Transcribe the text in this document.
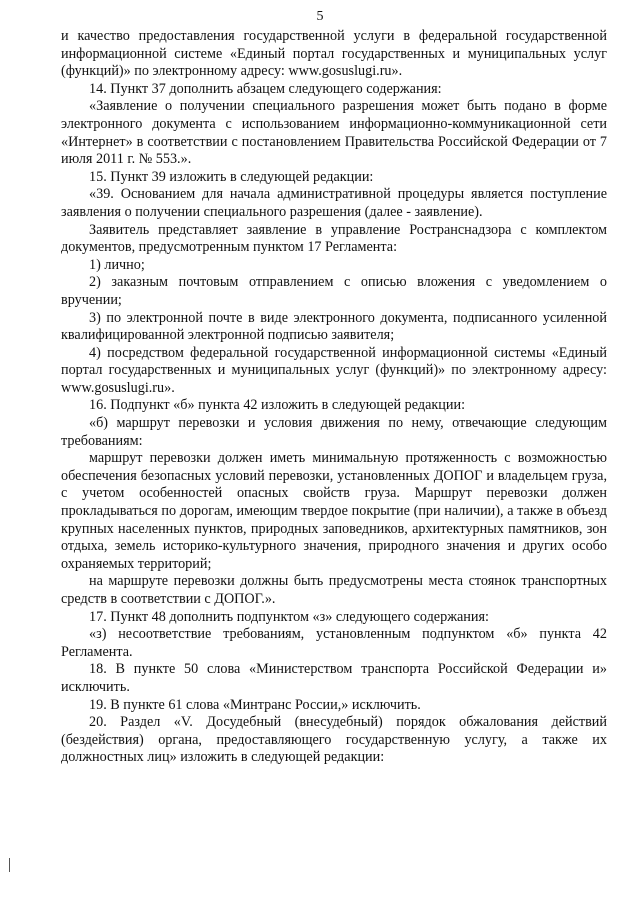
5

и качество предоставления государственной услуги в федеральной государственной информационной системе «Единый портал государственных и муниципальных услуг (функций)» по электронному адресу: www.gosuslugi.ru».

14. Пункт 37 дополнить абзацем следующего содержания:

«Заявление о получении специального разрешения может быть подано в форме электронного документа с использованием информационно-коммуникационной сети «Интернет» в соответствии с постановлением Правительства Российской Федерации от 7 июля 2011 г. № 553.».

15. Пункт 39 изложить в следующей редакции:

«39. Основанием для начала административной процедуры является поступление заявления о получении специального разрешения (далее - заявление).

Заявитель представляет заявление в управление Ространснадзора с комплектом документов, предусмотренным пунктом 17 Регламента:

1) лично;

2) заказным почтовым отправлением с описью вложения с уведомлением о вручении;

3) по электронной почте в виде электронного документа, подписанного усиленной квалифицированной электронной подписью заявителя;

4) посредством федеральной государственной информационной системы «Единый портал государственных и муниципальных услуг (функций)» по электронному адресу: www.gosuslugi.ru».

16. Подпункт «б» пункта 42 изложить в следующей редакции:

«б) маршрут перевозки и условия движения по нему, отвечающие следующим требованиям:

маршрут перевозки должен иметь минимальную протяженность с возможностью обеспечения безопасных условий перевозки, установленных ДОПОГ и владельцем груза, с учетом особенностей опасных свойств груза. Маршрут перевозки должен прокладываться по дорогам, имеющим твердое покрытие (при наличии), а также в объезд крупных населенных пунктов, природных заповедников, архитектурных памятников, зон отдыха, земель историко-культурного значения, природного значения и других особо охраняемых территорий;

на маршруте перевозки должны быть предусмотрены места стоянок транспортных средств в соответствии с ДОПОГ.».

17. Пункт 48 дополнить подпунктом «з» следующего содержания:

«з) несоответствие требованиям, установленным подпунктом «б» пункта 42 Регламента.

18. В пункте 50 слова «Министерством транспорта Российской Федерации и» исключить.

19. В пункте 61 слова «Минтранс России,» исключить.

20. Раздел «V. Досудебный (внесудебный) порядок обжалования действий (бездействия) органа, предоставляющего государственную услугу, а также их должностных лиц» изложить в следующей редакции:
